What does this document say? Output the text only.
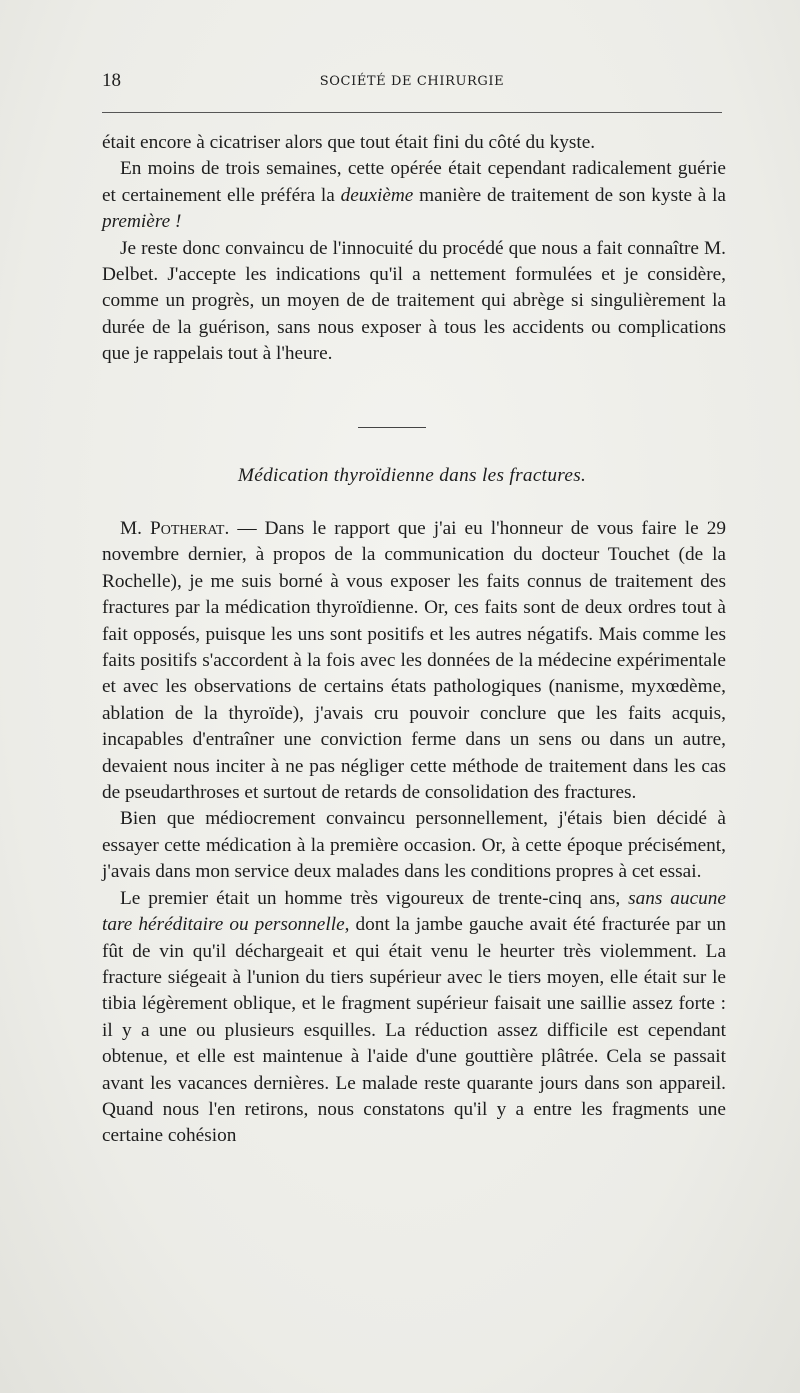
18	SOCIÉTÉ DE CHIRURGIE

était encore à cicatriser alors que tout était fini du côté du kyste.

En moins de trois semaines, cette opérée était cependant radicalement guérie et certainement elle préféra la deuxième manière de traitement de son kyste à la première !

Je reste donc convaincu de l'innocuité du procédé que nous a fait connaître M. Delbet. J'accepte les indications qu'il a nettement formulées et je considère, comme un progrès, un moyen de de traitement qui abrège si singulièrement la durée de la guérison, sans nous exposer à tous les accidents ou complications que je rappelais tout à l'heure.

Médication thyroïdienne dans les fractures.

M. Potherat. — Dans le rapport que j'ai eu l'honneur de vous faire le 29 novembre dernier, à propos de la communication du docteur Touchet (de la Rochelle), je me suis borné à vous exposer les faits connus de traitement des fractures par la médication thyroïdienne. Or, ces faits sont de deux ordres tout à fait opposés, puisque les uns sont positifs et les autres négatifs. Mais comme les faits positifs s'accordent à la fois avec les données de la médecine expérimentale et avec les observations de certains états pathologiques (nanisme, myxœdème, ablation de la thyroïde), j'avais cru pouvoir conclure que les faits acquis, incapables d'entraîner une conviction ferme dans un sens ou dans un autre, devaient nous inciter à ne pas négliger cette méthode de traitement dans les cas de pseudarthroses et surtout de retards de consolidation des fractures.

Bien que médiocrement convaincu personnellement, j'étais bien décidé à essayer cette médication à la première occasion. Or, à cette époque précisément, j'avais dans mon service deux malades dans les conditions propres à cet essai.

Le premier était un homme très vigoureux de trente-cinq ans, sans aucune tare héréditaire ou personnelle, dont la jambe gauche avait été fracturée par un fût de vin qu'il déchargeait et qui était venu le heurter très violemment. La fracture siégeait à l'union du tiers supérieur avec le tiers moyen, elle était sur le tibia légèrement oblique, et le fragment supérieur faisait une saillie assez forte : il y a une ou plusieurs esquilles. La réduction assez difficile est cependant obtenue, et elle est maintenue à l'aide d'une gouttière plâtrée. Cela se passait avant les vacances dernières. Le malade reste quarante jours dans son appareil. Quand nous l'en retirons, nous constatons qu'il y a entre les fragments une certaine cohésion
